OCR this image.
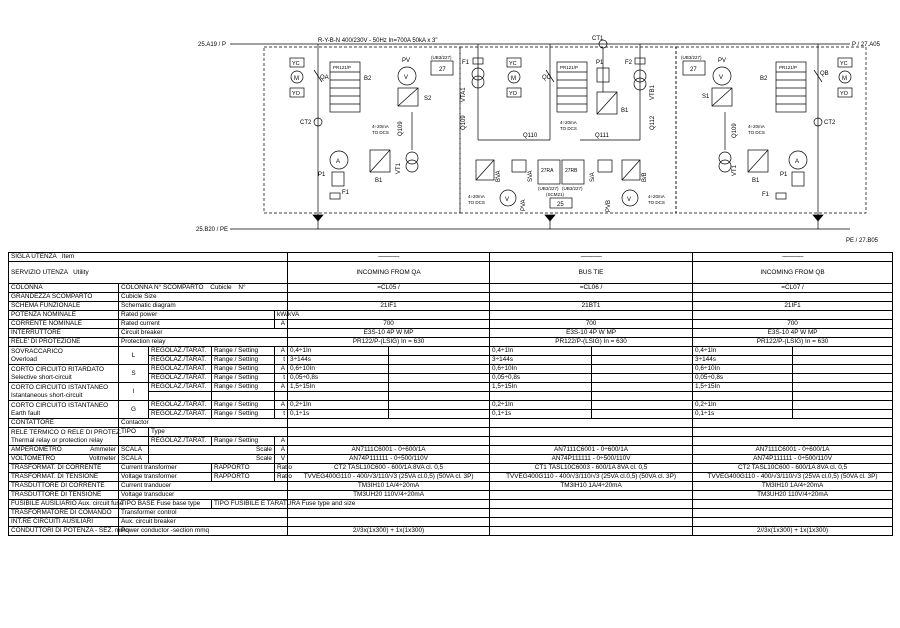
25.A19 / P
25.B20 / PE
P / 27.A05
PE / 27.B05
R-Y-B-N 400/230V - 50Hz In=700A 50kA x 3"
YC
M
YO
QA
PR121/P
B2	V
PV
S2
(UB3/227)
27
CT2
A
P1
B1
VT1
Q109
4÷20mA
TO DCS
F1
CT1
YC
M
YO
QC
PR121/P
4÷20mA
TO DCS
F1
VTA1
Q109
Q110
P1
B1
F2
VTB1
Q112
Q111
BVA	SVA
V PVA
4÷20mA
TO DCS
27RA 27RB
(UB3/227) (UB3/227)
(SCM21)
25
S/A	B/B
V
PVB
4÷20mA
TO DCS
YC
M
YO
QB
PR121/P
B2
V
PV
S1
(UB3/227)
27
CT2
A
P1
B1
VT1
Q109 4÷20mA
TO DCS
F1
SIGLA UTENZA Item					-------------	-------------	-------------
SERVIZIO UTENZA Utility					INCOMING FROM QA	BUS TIE	INCOMING FROM QB
COLONNA	COLONNA N° SCOMPARTO Cubicle N°				=CL05 /	=CL06 /	=CL07 /
GRANDEZZA SCOMPARTO	Cubicle Size						
SCHEMA FUNZIONALE	Schematic diagram				21IF1	21BT1	21IF1
POTENZA NOMINALE	Rated power			kW/kVA			
CORRENTE NOMINALE	Rated current			A	700	700	700
INTERRUTTORE	Circuit breaker				E3S-10 4P W MP	E3S-10 4P W MP	E3S-10 4P W MP
RELE' DI PROTEZIONE	Protection relay				PR122/P-(LSIG) In = 630	PR122/P-(LSIG) In = 630	PR122/P-(LSIG) In = 630

SOVRACCARICO
Overload	L	REGOLAZ./TARAT.	Range / Setting	A	0,4÷1In	0,4÷1In	0,4÷1In

		REGOLAZ./TARAT.	Range / Setting	t	3÷144s	3÷144s	3÷144s

CORTO CIRCUITO RITARDATO
Selective short-circuit	S	REGOLAZ./TARAT.	Range / Setting	A	0,6÷10In	0,6÷10In	0,6÷10In

		REGOLAZ./TARAT.	Range / Setting	t	0,05÷0,8s	0,05÷0,8s	0,05÷0,8s

CORTO CIRCUITO ISTANTANEO
Istantaneous short-circuit	I	REGOLAZ./TARAT.	Range / Setting	A	1,5÷15In	1,5÷15In	1,5÷15In

CORTO CIRCUITO ISTANTANEO
Earth fault	G	REGOLAZ./TARAT.	Range / Setting	A	0,2÷1In	0,2÷1In	0,2÷1In

		REGOLAZ./TARAT.	Range / Setting	t	0,1÷1s	0,1÷1s	0,1÷1s

CONTATTORE	Contactor						

RELE TERMICO O RELE DI PROTEZ.
Thermal relay or protection relay	TIPO	Type					
		REGOLAZ./TARAT.	Range / Setting	A			
AMPEROMETRO Ammeter	SCALA	Scale		A	AN7111C6001 - 0÷600/1A	AN7111C6001 - 0÷600/1A	AN7111C6001 - 0÷600/1A
VOLTOMETRO Voltmeter	SCALA	Scale		V	AN74P111111 - 0÷500/110V	AN74P111111 - 0÷500/110V	AN74P111111 - 0÷500/110V
TRASFORMAT. DI CORRENTE	Current transformer		RAPPORTO	Ratio	CT2 TASL10C600 - 600/1A 8VA cl. 0,5	CT1 TASL10C6003 - 600/1A 8VA cl. 0,5	CT2 TASL10C600 - 600/1A 8VA cl. 0,5
TRASFORMAT. DI TENSIONE	Voltage transformer		RAPPORTO	Ratio	TVVEG400G110 - 400/√3/110/√3 (25VA cl.0,5) (50VA cl. 3P)	TVVEG400G110 - 400/√3/110/√3 (25VA cl.0,5) (50VA cl. 3P)	TVVEG400G110 - 400/√3/110/√3 (25VA cl.0,5) (50VA cl. 3P)
TRASDUTTORE DI CORRENTE	Current tranducer				TM3IH10 1A/4÷20mA	TM3IH10 1A/4÷20mA	TM3IH10 1A/4÷20mA
TRASDUTTORE DI TENSIONE	Voltage transducer				TM3UH20 110V/4÷20mA		TM3UH20 110V/4÷20mA
FUSIBILE AUSILIARIO Aux. circuit fuse	TIPO BASE Fuse base type		TIPO FUSIBILE E TARATURA Fuse type and size				
TRASFORMATORE DI COMANDO	Transformer control						
INT.RE CIRCUITI AUSILIARI	Aux. circuit breaker						
CONDUTTORI DI POTENZA - SEZ. mmq	Power conductor -section mmq				2//3x(1x300) + 1x(1x300)		2//3x(1x300) + 1x(1x300)
